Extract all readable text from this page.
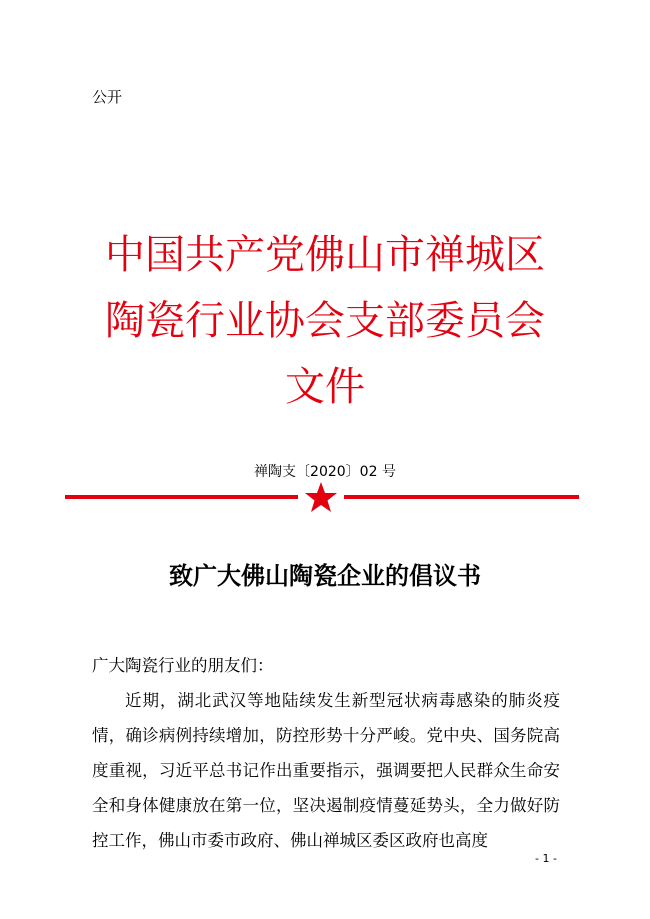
公开
中国共产党佛山市禅城区
陶瓷行业协会支部委员会
文件
禅陶支〔2020〕02 号
致广大佛山陶瓷企业的倡议书
广大陶瓷行业的朋友们：
近期，湖北武汉等地陆续发生新型冠状病毒感染的肺炎疫情，确诊病例持续增加，防控形势十分严峻。党中央、国务院高度重视，习近平总书记作出重要指示，强调要把人民群众生命安全和身体健康放在第一位，坚决遏制疫情蔓延势头，全力做好防控工作，佛山市委市政府、佛山禅城区委区政府也高度
- 1 -
